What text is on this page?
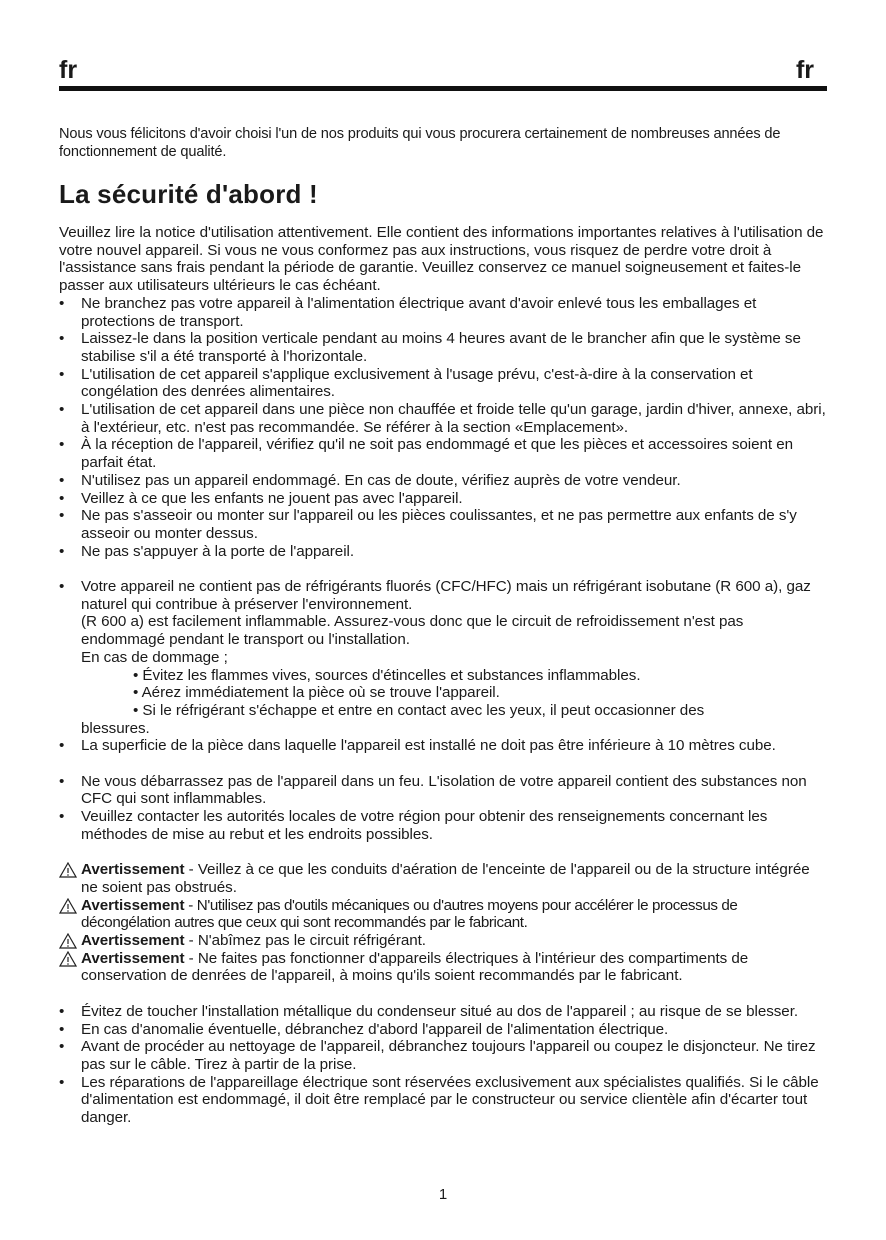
fr	fr

Nous vous félicitons d'avoir choisi l'un de nos produits qui vous procurera certainement de nombreuses années de fonctionnement de qualité.

La sécurité d'abord !

Veuillez lire la notice d'utilisation attentivement. Elle contient des informations importantes relatives à l'utilisation de votre nouvel appareil. Si vous ne vous conformez pas aux instructions, vous risquez de perdre votre droit à l'assistance sans frais pendant la période de garantie. Veuillez conservez ce manuel soigneusement et faites-le passer aux utilisateurs ultérieurs le cas échéant.

• Ne branchez pas votre appareil à l'alimentation électrique avant d'avoir enlevé tous les emballages et protections de transport.
• Laissez-le dans la position verticale pendant au moins 4 heures avant de le brancher afin que le système se stabilise s'il a été transporté à l'horizontale.
• L'utilisation de cet appareil s'applique exclusivement à l'usage prévu, c'est-à-dire à la conservation et congélation des denrées alimentaires.
• L'utilisation de cet appareil dans une pièce non chauffée et froide telle qu'un garage, jardin d'hiver, annexe, abri, à l'extérieur, etc. n'est pas recommandée. Se référer à la section «Emplacement».
• À la réception de l'appareil, vérifiez qu'il ne soit pas endommagé et que les pièces et accessoires soient en parfait état.
• N'utilisez pas un appareil endommagé. En cas de doute, vérifiez auprès de votre vendeur.
• Veillez à ce que les enfants ne jouent pas avec l'appareil.
• Ne pas s'asseoir ou monter sur l'appareil ou les pièces coulissantes, et ne pas permettre aux enfants de s'y asseoir ou monter dessus.
• Ne pas s'appuyer à la porte de l'appareil.
• Votre appareil ne contient pas de réfrigérants fluorés (CFC/HFC) mais un réfrigérant isobutane (R 600 a), gaz naturel qui contribue à préserver l'environnement.
(R 600 a) est facilement inflammable. Assurez-vous donc que le circuit de refroidissement n'est pas endommagé pendant le transport ou l'installation.
En cas de dommage ;
• Évitez les flammes vives, sources d'étincelles et substances inflammables.
• Aérez immédiatement la pièce où se trouve l'appareil.
• Si le réfrigérant s'échappe et entre en contact avec les yeux, il peut occasionner des
blessures.
• La superficie de la pièce dans laquelle l'appareil est installé ne doit pas être inférieure à 10 mètres cube.
• Ne vous débarrassez pas de l'appareil dans un feu. L'isolation de votre appareil contient des substances non CFC qui sont inflammables.
• Veuillez contacter les autorités locales de votre région pour obtenir des renseignements concernant les méthodes de mise au rebut et les endroits possibles.
Avertissement - Veillez à ce que les conduits d'aération de l'enceinte de l'appareil ou de la structure intégrée ne soient pas obstrués.
Avertissement - N'utilisez pas d'outils mécaniques ou d'autres moyens pour accélérer le processus de décongélation autres que ceux qui sont recommandés par le fabricant.
Avertissement - N'abîmez pas le circuit réfrigérant.
Avertissement - Ne faites pas fonctionner d'appareils électriques à l'intérieur des compartiments de conservation de denrées de l'appareil, à moins qu'ils soient recommandés par le fabricant.
• Évitez de toucher l'installation métallique du condenseur situé au dos de l'appareil ; au risque de se blesser.
• En cas d'anomalie éventuelle, débranchez d'abord l'appareil de l'alimentation électrique.
• Avant de procéder au nettoyage de l'appareil, débranchez toujours l'appareil ou coupez le disjoncteur. Ne tirez pas sur le câble. Tirez à partir de la prise.
• Les réparations de l'appareillage électrique sont réservées exclusivement aux spécialistes qualifiés. Si le câble d'alimentation est endommagé, il doit être remplacé par le constructeur ou service clientèle afin d'écarter tout danger.
1
